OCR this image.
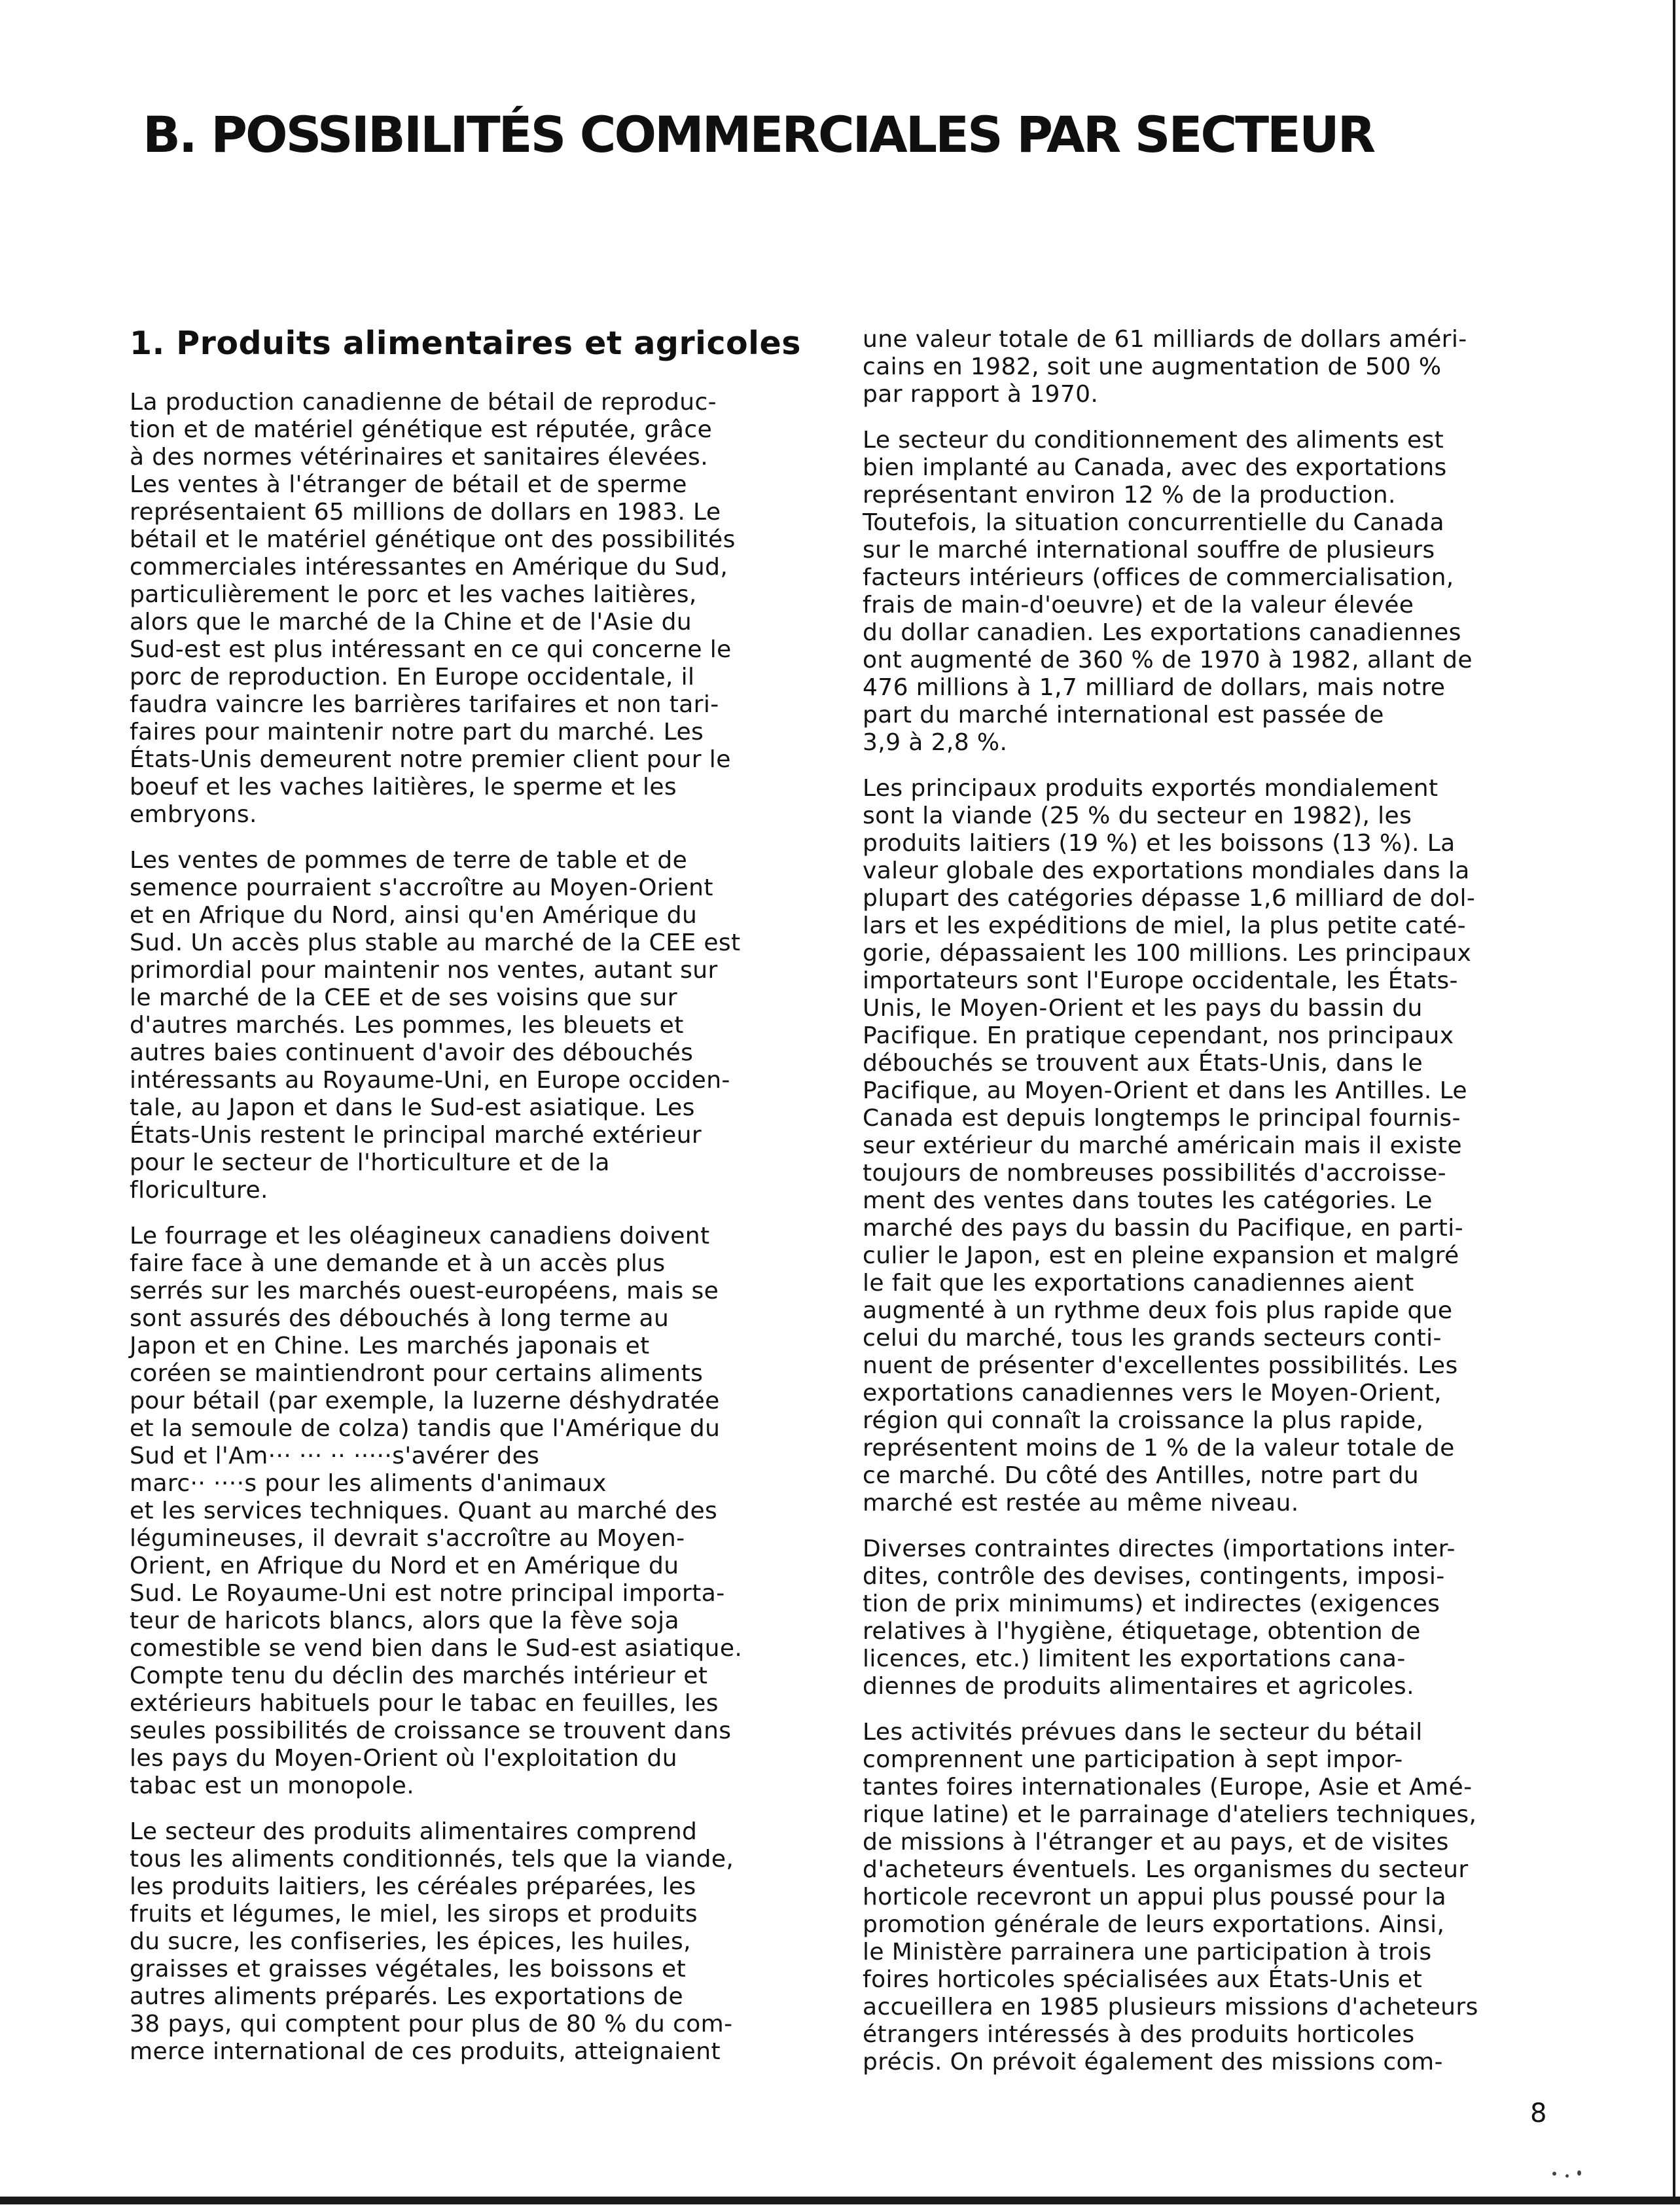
B. POSSIBILITÉS COMMERCIALES PAR SECTEUR
1. Produits alimentaires et agricoles

La production canadienne de bétail de reproduc-
tion et de matériel génétique est réputée, grâce
à des normes vétérinaires et sanitaires élevées.
Les ventes à l'étranger de bétail et de sperme
représentaient 65 millions de dollars en 1983. Le
bétail et le matériel génétique ont des possibilités
commerciales intéressantes en Amérique du Sud,
particulièrement le porc et les vaches laitières,
alors que le marché de la Chine et de l'Asie du
Sud-est est plus intéressant en ce qui concerne le
porc de reproduction. En Europe occidentale, il
faudra vaincre les barrières tarifaires et non tari-
faires pour maintenir notre part du marché. Les
États-Unis demeurent notre premier client pour le
boeuf et les vaches laitières, le sperme et les
embryons.

Les ventes de pommes de terre de table et de
semence pourraient s'accroître au Moyen-Orient
et en Afrique du Nord, ainsi qu'en Amérique du
Sud. Un accès plus stable au marché de la CEE est
primordial pour maintenir nos ventes, autant sur
le marché de la CEE et de ses voisins que sur
d'autres marchés. Les pommes, les bleuets et
autres baies continuent d'avoir des débouchés
intéressants au Royaume-Uni, en Europe occiden-
tale, au Japon et dans le Sud-est asiatique. Les
États-Unis restent le principal marché extérieur
pour le secteur de l'horticulture et de la
floriculture.

Le fourrage et les oléagineux canadiens doivent
faire face à une demande et à un accès plus
serrés sur les marchés ouest-européens, mais se
sont assurés des débouchés à long terme au
Japon et en Chine. Les marchés japonais et
coréen se maintiendront pour certains aliments
pour bétail (par exemple, la luzerne déshydratée
et la semoule de colza) tandis que l'Amérique du
Sud et l'Am··· ··· ·· ·····s'avérer des
marc·· ····s pour les aliments d'animaux
et les services techniques. Quant au marché des
légumineuses, il devrait s'accroître au Moyen-
Orient, en Afrique du Nord et en Amérique du
Sud. Le Royaume-Uni est notre principal importa-
teur de haricots blancs, alors que la fève soja
comestible se vend bien dans le Sud-est asiatique.
Compte tenu du déclin des marchés intérieur et
extérieurs habituels pour le tabac en feuilles, les
seules possibilités de croissance se trouvent dans
les pays du Moyen-Orient où l'exploitation du
tabac est un monopole.

Le secteur des produits alimentaires comprend
tous les aliments conditionnés, tels que la viande,
les produits laitiers, les céréales préparées, les
fruits et légumes, le miel, les sirops et produits
du sucre, les confiseries, les épices, les huiles,
graisses et graisses végétales, les boissons et
autres aliments préparés. Les exportations de
38 pays, qui comptent pour plus de 80 % du com-
merce international de ces produits, atteignaient

une valeur totale de 61 milliards de dollars améri-
cains en 1982, soit une augmentation de 500 %
par rapport à 1970.

Le secteur du conditionnement des aliments est
bien implanté au Canada, avec des exportations
représentant environ 12 % de la production.
Toutefois, la situation concurrentielle du Canada
sur le marché international souffre de plusieurs
facteurs intérieurs (offices de commercialisation,
frais de main-d'oeuvre) et de la valeur élevée
du dollar canadien. Les exportations canadiennes
ont augmenté de 360 % de 1970 à 1982, allant de
476 millions à 1,7 milliard de dollars, mais notre
part du marché international est passée de
3,9 à 2,8 %.

Les principaux produits exportés mondialement
sont la viande (25 % du secteur en 1982), les
produits laitiers (19 %) et les boissons (13 %). La
valeur globale des exportations mondiales dans la
plupart des catégories dépasse 1,6 milliard de dol-
lars et les expéditions de miel, la plus petite caté-
gorie, dépassaient les 100 millions. Les principaux
importateurs sont l'Europe occidentale, les États-
Unis, le Moyen-Orient et les pays du bassin du
Pacifique. En pratique cependant, nos principaux
débouchés se trouvent aux États-Unis, dans le
Pacifique, au Moyen-Orient et dans les Antilles. Le
Canada est depuis longtemps le principal fournis-
seur extérieur du marché américain mais il existe
toujours de nombreuses possibilités d'accroisse-
ment des ventes dans toutes les catégories. Le
marché des pays du bassin du Pacifique, en parti-
culier le Japon, est en pleine expansion et malgré
le fait que les exportations canadiennes aient
augmenté à un rythme deux fois plus rapide que
celui du marché, tous les grands secteurs conti-
nuent de présenter d'excellentes possibilités. Les
exportations canadiennes vers le Moyen-Orient,
région qui connaît la croissance la plus rapide,
représentent moins de 1 % de la valeur totale de
ce marché. Du côté des Antilles, notre part du
marché est restée au même niveau.

Diverses contraintes directes (importations inter-
dites, contrôle des devises, contingents, imposi-
tion de prix minimums) et indirectes (exigences
relatives à l'hygiène, étiquetage, obtention de
licences, etc.) limitent les exportations cana-
diennes de produits alimentaires et agricoles.

Les activités prévues dans le secteur du bétail
comprennent une participation à sept impor-
tantes foires internationales (Europe, Asie et Amé-
rique latine) et le parrainage d'ateliers techniques,
de missions à l'étranger et au pays, et de visites
d'acheteurs éventuels. Les organismes du secteur
horticole recevront un appui plus poussé pour la
promotion générale de leurs exportations. Ainsi,
le Ministère parrainera une participation à trois
foires horticoles spécialisées aux États-Unis et
accueillera en 1985 plusieurs missions d'acheteurs
étrangers intéressés à des produits horticoles
précis. On prévoit également des missions com-

8
